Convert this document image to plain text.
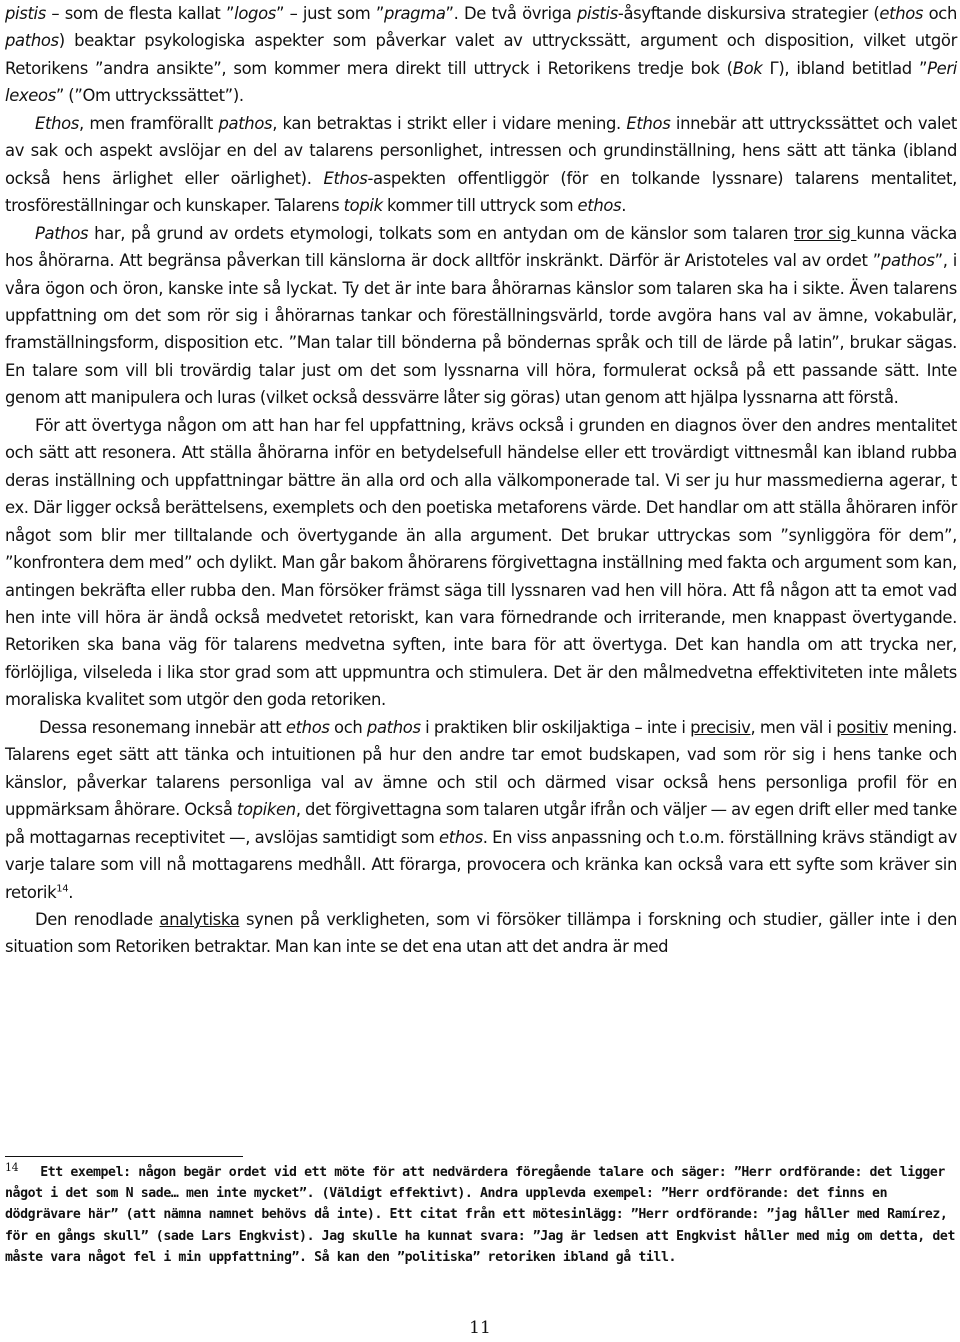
pistis – som de flesta kallat ”logos” – just som ”pragma”. De två övriga pistis-åsyftande diskursiva strategier (ethos och pathos) beaktar psykologiska aspekter som påverkar valet av uttryckssätt, argument och disposition, vilket utgör Retorikens ”andra ansikte”, som kommer mera direkt till uttryck i Retorikens tredje bok (Bok Γ), ibland betitlad ”Peri lexeos” (”Om uttryckssättet”).

Ethos, men framförallt pathos, kan betraktas i strikt eller i vidare mening. Ethos innebär att uttryckssättet och valet av sak och aspekt avslöjar en del av talarens personlighet, intressen och grundinställning, hens sätt att tänka (ibland också hens ärlighet eller oärlighet). Ethos-aspekten offentliggör (för en tolkande lyssnare) talarens mentalitet, trosföreställningar och kunskaper. Talarens topik kommer till uttryck som ethos.

Pathos har, på grund av ordets etymologi, tolkats som en antydan om de känslor som talaren tror sig kunna väcka hos åhörarna. Att begränsa påverkan till känslorna är dock alltför inskränkt. Därför är Aristoteles val av ordet ”pathos”, i våra ögon och öron, kanske inte så lyckat. Ty det är inte bara åhörarnas känslor som talaren ska ha i sikte. Även talarens uppfattning om det som rör sig i åhörarnas tankar och föreställningsvärld, torde avgöra hans val av ämne, vokabulär, framställningsform, disposition etc. ”Man talar till bönderna på böndernas språk och till de lärde på latin”, brukar sägas. En talare som vill bli trovärdig talar just om det som lyssnarna vill höra, formulerat också på ett passande sätt. Inte genom att manipulera och luras (vilket också dessvärre låter sig göras) utan genom att hjälpa lyssnarna att förstå.

För att övertyga någon om att han har fel uppfattning, krävs också i grunden en diagnos över den andres mentalitet och sätt att resonera. Att ställa åhörarna inför en betydelsefull händelse eller ett trovärdigt vittnesmål kan ibland rubba deras inställning och uppfattningar bättre än alla ord och alla välkomponerade tal. Vi ser ju hur massmedierna agerar, t ex. Där ligger också berättelsens, exemplets och den poetiska metaforens värde. Det handlar om att ställa åhöraren inför något som blir mer tilltalande och övertygande än alla argument. Det brukar uttryckas som ”synliggöra för dem”, ”konfrontera dem med” och dylikt. Man går bakom åhörarens förgivettagna inställning med fakta och argument som kan, antingen bekräfta eller rubba den. Man försöker främst säga till lyssnaren vad hen vill höra. Att få någon att ta emot vad hen inte vill höra är ändå också medvetet retoriskt, kan vara förnedrande och irriterande, men knappast övertygande. Retoriken ska bana väg för talarens medvetna syften, inte bara för att övertyga. Det kan handla om att trycka ner, förlöjliga, vilseleda i lika stor grad som att uppmuntra och stimulera. Det är den målmedvetna effektiviteten inte målets moraliska kvalitet som utgör den goda retoriken.

Dessa resonemang innebär att ethos och pathos i praktiken blir oskiljaktiga – inte i precisiv, men väl i positiv mening. Talarens eget sätt att tänka och intuitionen på hur den andre tar emot budskapen, vad som rör sig i hens tanke och känslor, påverkar talarens personliga val av ämne och stil och därmed visar också hens personliga profil för en uppmärksam åhörare. Också topiken, det förgivettagna som talaren utgår ifrån och väljer — av egen drift eller med tanke på mottagarnas receptivitet —, avslöjas samtidigt som ethos. En viss anpassning och t.o.m. förställning krävs ständigt av varje talare som vill nå mottagarens medhåll. Att förarga, provocera och kränka kan också vara ett syfte som kräver sin retorik$^{14}$.

Den renodlade analytiska synen på verkligheten, som vi försöker tillämpa i forskning och studier, gäller inte i den situation som Retoriken betraktar. Man kan inte se det ena utan att det andra är med

$^{14}$ Ett exempel: någon begär ordet vid ett möte för att nedvärdera föregående talare och säger: ”Herr ordförande: det ligger något i det som N sade… men inte mycket”. (Väldigt effektivt). Andra upplevda exempel: ”Herr ordförande: det finns en dödgrävare här” (att nämna namnet behövs då inte). Ett citat från ett mötesinlägg: ”Herr ordförande: ”jag håller med Ramírez, för en gångs skull” (sade Lars Engkvist). Jag skulle ha kunnat svara: ”Jag är ledsen att Engkvist håller med mig om detta, det måste vara något fel i min uppfattning”. Så kan den ”politiska” retoriken ibland gå till.
11
